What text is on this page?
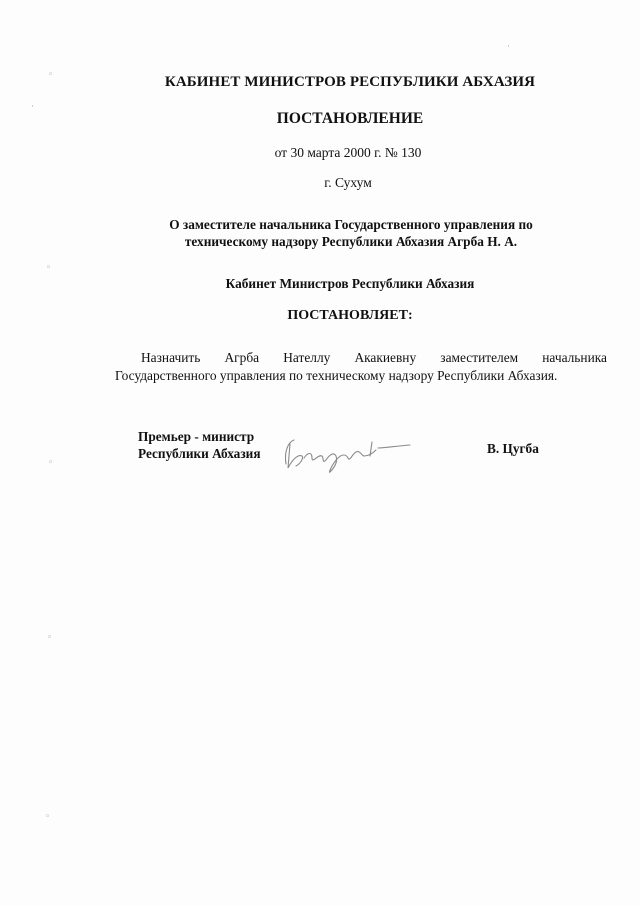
◦
·
◦
◦
◦
◦
·
КАБИНЕТ МИНИСТРОВ РЕСПУБЛИКИ АБХАЗИЯ
ПОСТАНОВЛЕНИЕ
от 30 марта 2000 г. № 130
г. Сухум
О заместителе начальника Государственного управления по
техническому надзору Республики Абхазия Агрба Н. А.
Кабинет Министров Республики Абхазия
ПОСТАНОВЛЯЕТ:
Назначить Агрба Нателлу Акакиевну заместителем начальника Государственного управления по техническому надзору Республики Абхазия.
Премьер - министр
Республики Абхазия	В. Цугба
